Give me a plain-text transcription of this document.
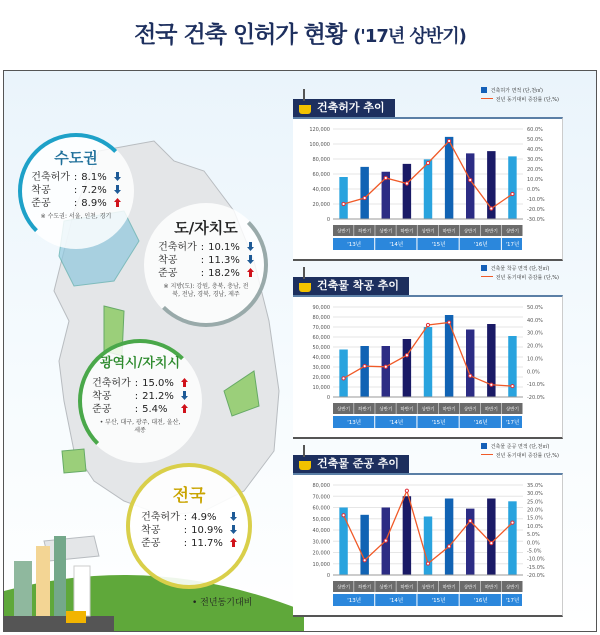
전국 건축 인허가 현황 ('17년 상반기)
수도권
건축허가	:	8.1%	
착공	:	7.2%	
준공	:	8.9%	
※ 수도권: 서울, 인천, 경기
도/자치도
건축허가	:	10.1%	
착공	:	11.3%	
준공	:	18.2%	
※ 지방(도): 강원, 충북, 충남, 전북, 전남, 경북, 경남, 제주
광역시/자치시
건축허가	:	15.0%	
착공	:	21.2%	
준공	:	5.4%	
• 부산, 대구, 광주, 대전, 울산, 세종
전국
건축허가	:	4.9%	
착공	:	10.9%	
준공	:	11.7%	
• 전년동기대비
건축허가 추이
건축허가 면적 (단,천㎡)
전년 동기대비 증감률 (단,%)
0
20,000
40,000
60,000
80,000
100,000
120,000
-30.0%
-20.0%
-10.0%
0.0%
10.0%
20.0%
30.0%
40.0%
50.0%
60.0%
상반기 하반기 상반기 하반기 상반기 하반기 상반기 하반기 상반기
'13년	'14년	'15년	'16년	'17년
건축물 착공 추이
건축물 착공 면적 (단,천㎡)
전년 동기대비 증감률 (단,%)
0
10,000
20,000
30,000
40,000
50,000
60,000
70,000
80,000
90,000
-20.0%
-10.0%
0.0%
10.0%
20.0%
30.0%
40.0%
50.0%
상반기 하반기 상반기 하반기 상반기 하반기 상반기 하반기 상반기
'13년	'14년	'15년	'16년	'17년
건축물 준공 추이
건축물 준공 면적 (단,천㎡)
전년 동기대비 증감률 (단,%)
0
10,000
20,000
30,000
40,000
50,000
60,000
70,000
80,000
-20.0%
-15.0%
-10.0%
-5.0%
0.0%
5.0%
10.0%
15.0%
20.0%
25.0%
30.0%
35.0%
상반기 하반기 상반기 하반기 상반기 하반기 상반기 하반기 상반기
'13년	'14년	'15년	'16년	'17년
